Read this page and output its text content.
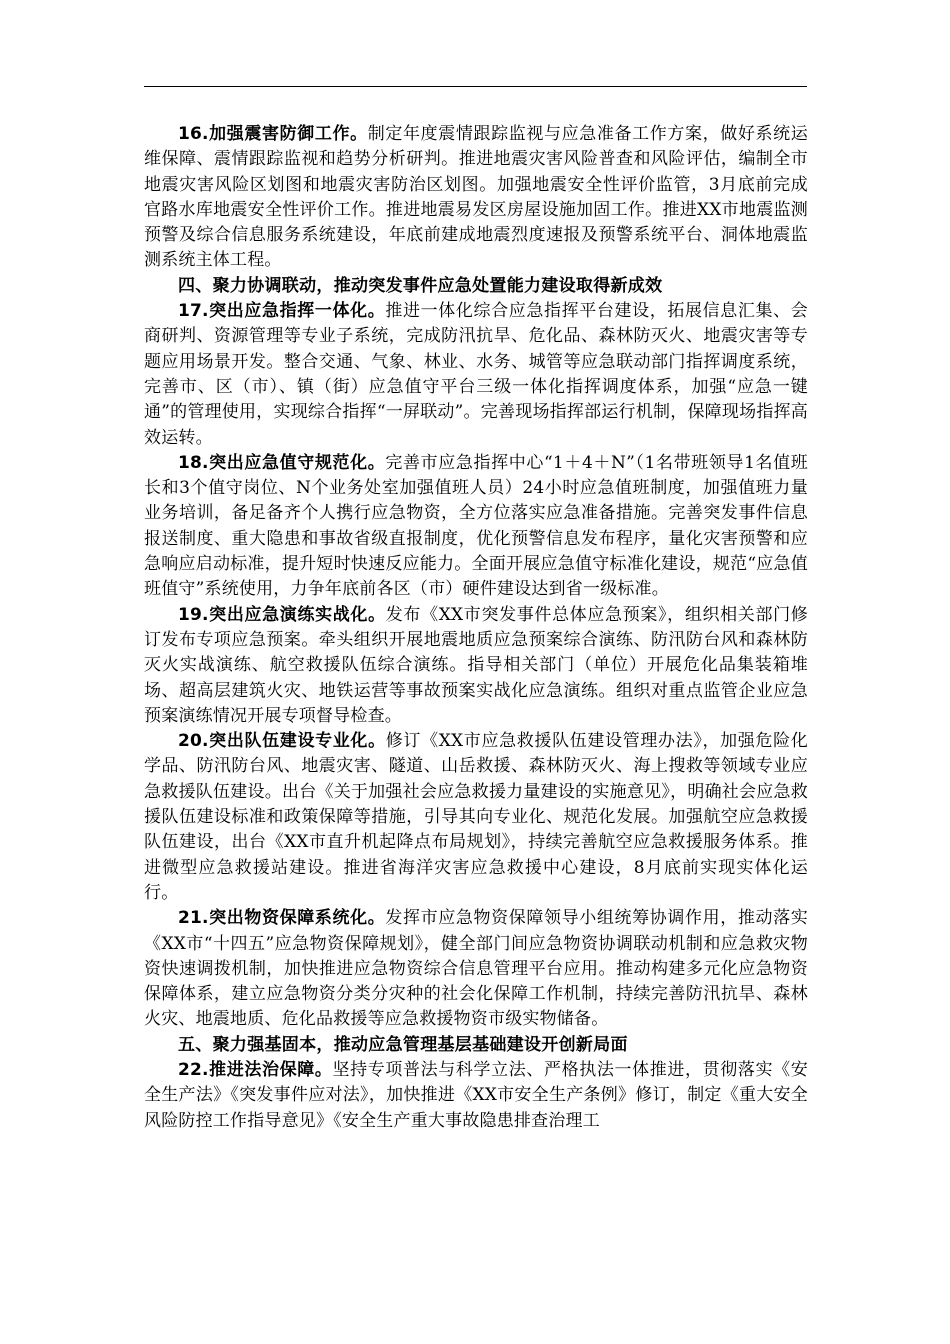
16.加强震害防御工作。制定年度震情跟踪监视与应急准备工作方案，做好系统运维保障、震情跟踪监视和趋势分析研判。推进地震灾害风险普查和风险评估，编制全市地震灾害风险区划图和地震灾害防治区划图。加强地震安全性评价监管，3月底前完成官路水库地震安全性评价工作。推进地震易发区房屋设施加固工作。推进XX市地震监测预警及综合信息服务系统建设，年底前建成地震烈度速报及预警系统平台、洞体地震监测系统主体工程。

四、聚力协调联动，推动突发事件应急处置能力建设取得新成效

17.突出应急指挥一体化。推进一体化综合应急指挥平台建设，拓展信息汇集、会商研判、资源管理等专业子系统，完成防汛抗旱、危化品、森林防灭火、地震灾害等专题应用场景开发。整合交通、气象、林业、水务、城管等应急联动部门指挥调度系统，完善市、区（市）、镇（街）应急值守平台三级一体化指挥调度体系，加强“应急一键通”的管理使用，实现综合指挥“一屏联动”。完善现场指挥部运行机制，保障现场指挥高效运转。

18.突出应急值守规范化。完善市应急指挥中心“1＋4＋N”（1名带班领导1名值班长和3个值守岗位、N个业务处室加强值班人员）24小时应急值班制度，加强值班力量业务培训，备足备齐个人携行应急物资，全方位落实应急准备措施。完善突发事件信息报送制度、重大隐患和事故省级直报制度，优化预警信息发布程序，量化灾害预警和应急响应启动标准，提升短时快速反应能力。全面开展应急值守标准化建设，规范“应急值班值守”系统使用，力争年底前各区（市）硬件建设达到省一级标准。

19.突出应急演练实战化。发布《XX市突发事件总体应急预案》，组织相关部门修订发布专项应急预案。牵头组织开展地震地质应急预案综合演练、防汛防台风和森林防灭火实战演练、航空救援队伍综合演练。指导相关部门（单位）开展危化品集装箱堆场、超高层建筑火灾、地铁运营等事故预案实战化应急演练。组织对重点监管企业应急预案演练情况开展专项督导检查。

20.突出队伍建设专业化。修订《XX市应急救援队伍建设管理办法》，加强危险化学品、防汛防台风、地震灾害、隧道、山岳救援、森林防灭火、海上搜救等领域专业应急救援队伍建设。出台《关于加强社会应急救援力量建设的实施意见》，明确社会应急救援队伍建设标准和政策保障等措施，引导其向专业化、规范化发展。加强航空应急救援队伍建设，出台《XX市直升机起降点布局规划》，持续完善航空应急救援服务体系。推进微型应急救援站建设。推进省海洋灾害应急救援中心建设，8月底前实现实体化运行。

21.突出物资保障系统化。发挥市应急物资保障领导小组统筹协调作用，推动落实《XX市“十四五”应急物资保障规划》，健全部门间应急物资协调联动机制和应急救灾物资快速调拨机制，加快推进应急物资综合信息管理平台应用。推动构建多元化应急物资保障体系，建立应急物资分类分灾种的社会化保障工作机制，持续完善防汛抗旱、森林火灾、地震地质、危化品救援等应急救援物资市级实物储备。

五、聚力强基固本，推动应急管理基层基础建设开创新局面

22.推进法治保障。坚持专项普法与科学立法、严格执法一体推进，贯彻落实《安全生产法》《突发事件应对法》，加快推进《XX市安全生产条例》修订，制定《重大安全风险防控工作指导意见》《安全生产重大事故隐患排查治理工
